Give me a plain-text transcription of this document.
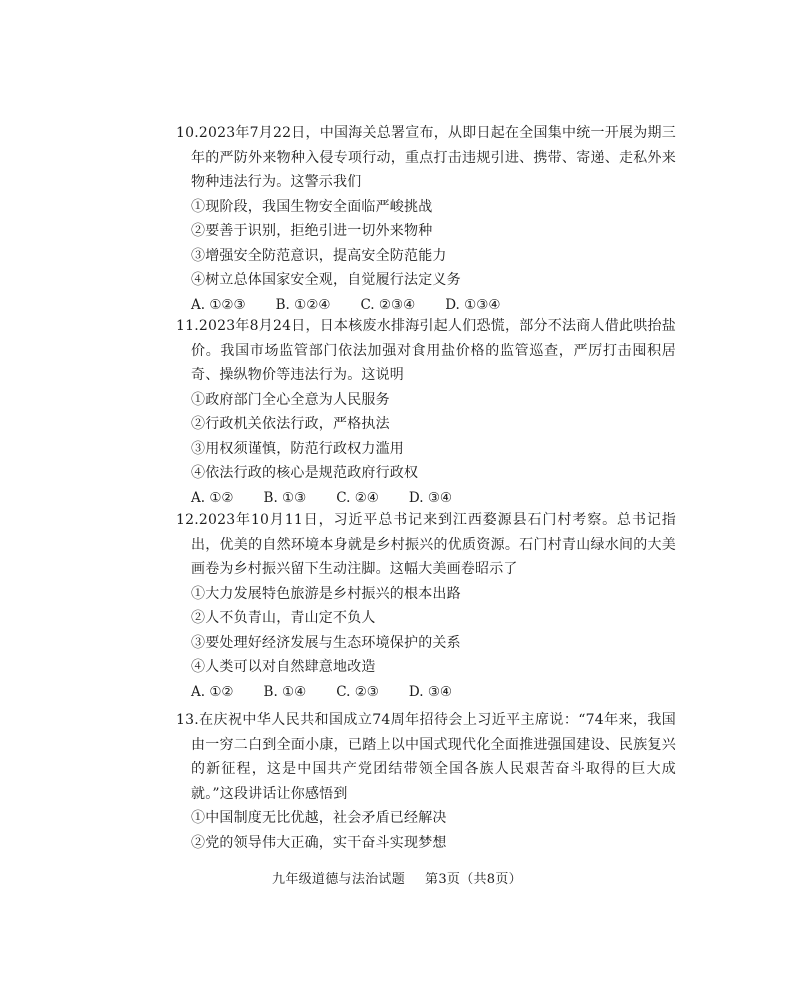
10.2023年7月22日，中国海关总署宣布，从即日起在全国集中统一开展为期三年的严防外来物种入侵专项行动，重点打击违规引进、携带、寄递、走私外来物种违法行为。这警示我们

①现阶段，我国生物安全面临严峻挑战

②要善于识别，拒绝引进一切外来物种

③增强安全防范意识，提高安全防范能力

④树立总体国家安全观，自觉履行法定义务

A. ①②③ B. ①②④ C. ②③④ D. ①③④

11.2023年8月24日，日本核废水排海引起人们恐慌，部分不法商人借此哄抬盐价。我国市场监管部门依法加强对食用盐价格的监管巡查，严厉打击囤积居奇、操纵物价等违法行为。这说明

①政府部门全心全意为人民服务

②行政机关依法行政，严格执法

③用权须谨慎，防范行政权力滥用

④依法行政的核心是规范政府行政权

A. ①② B. ①③ C. ②④ D. ③④

12.2023年10月11日，习近平总书记来到江西婺源县石门村考察。总书记指出，优美的自然环境本身就是乡村振兴的优质资源。石门村青山绿水间的大美画卷为乡村振兴留下生动注脚。这幅大美画卷昭示了

①大力发展特色旅游是乡村振兴的根本出路

②人不负青山，青山定不负人

③要处理好经济发展与生态环境保护的关系

④人类可以对自然肆意地改造

A. ①② B. ①④ C. ②③ D. ③④

13.在庆祝中华人民共和国成立74周年招待会上习近平主席说：“74年来，我国由一穷二白到全面小康，已踏上以中国式现代化全面推进强国建设、民族复兴的新征程，这是中国共产党团结带领全国各族人民艰苦奋斗取得的巨大成就。”这段讲话让你感悟到

①中国制度无比优越，社会矛盾已经解决

②党的领导伟大正确，实干奋斗实现梦想

九年级道德与法治试题 第3页（共8页）
